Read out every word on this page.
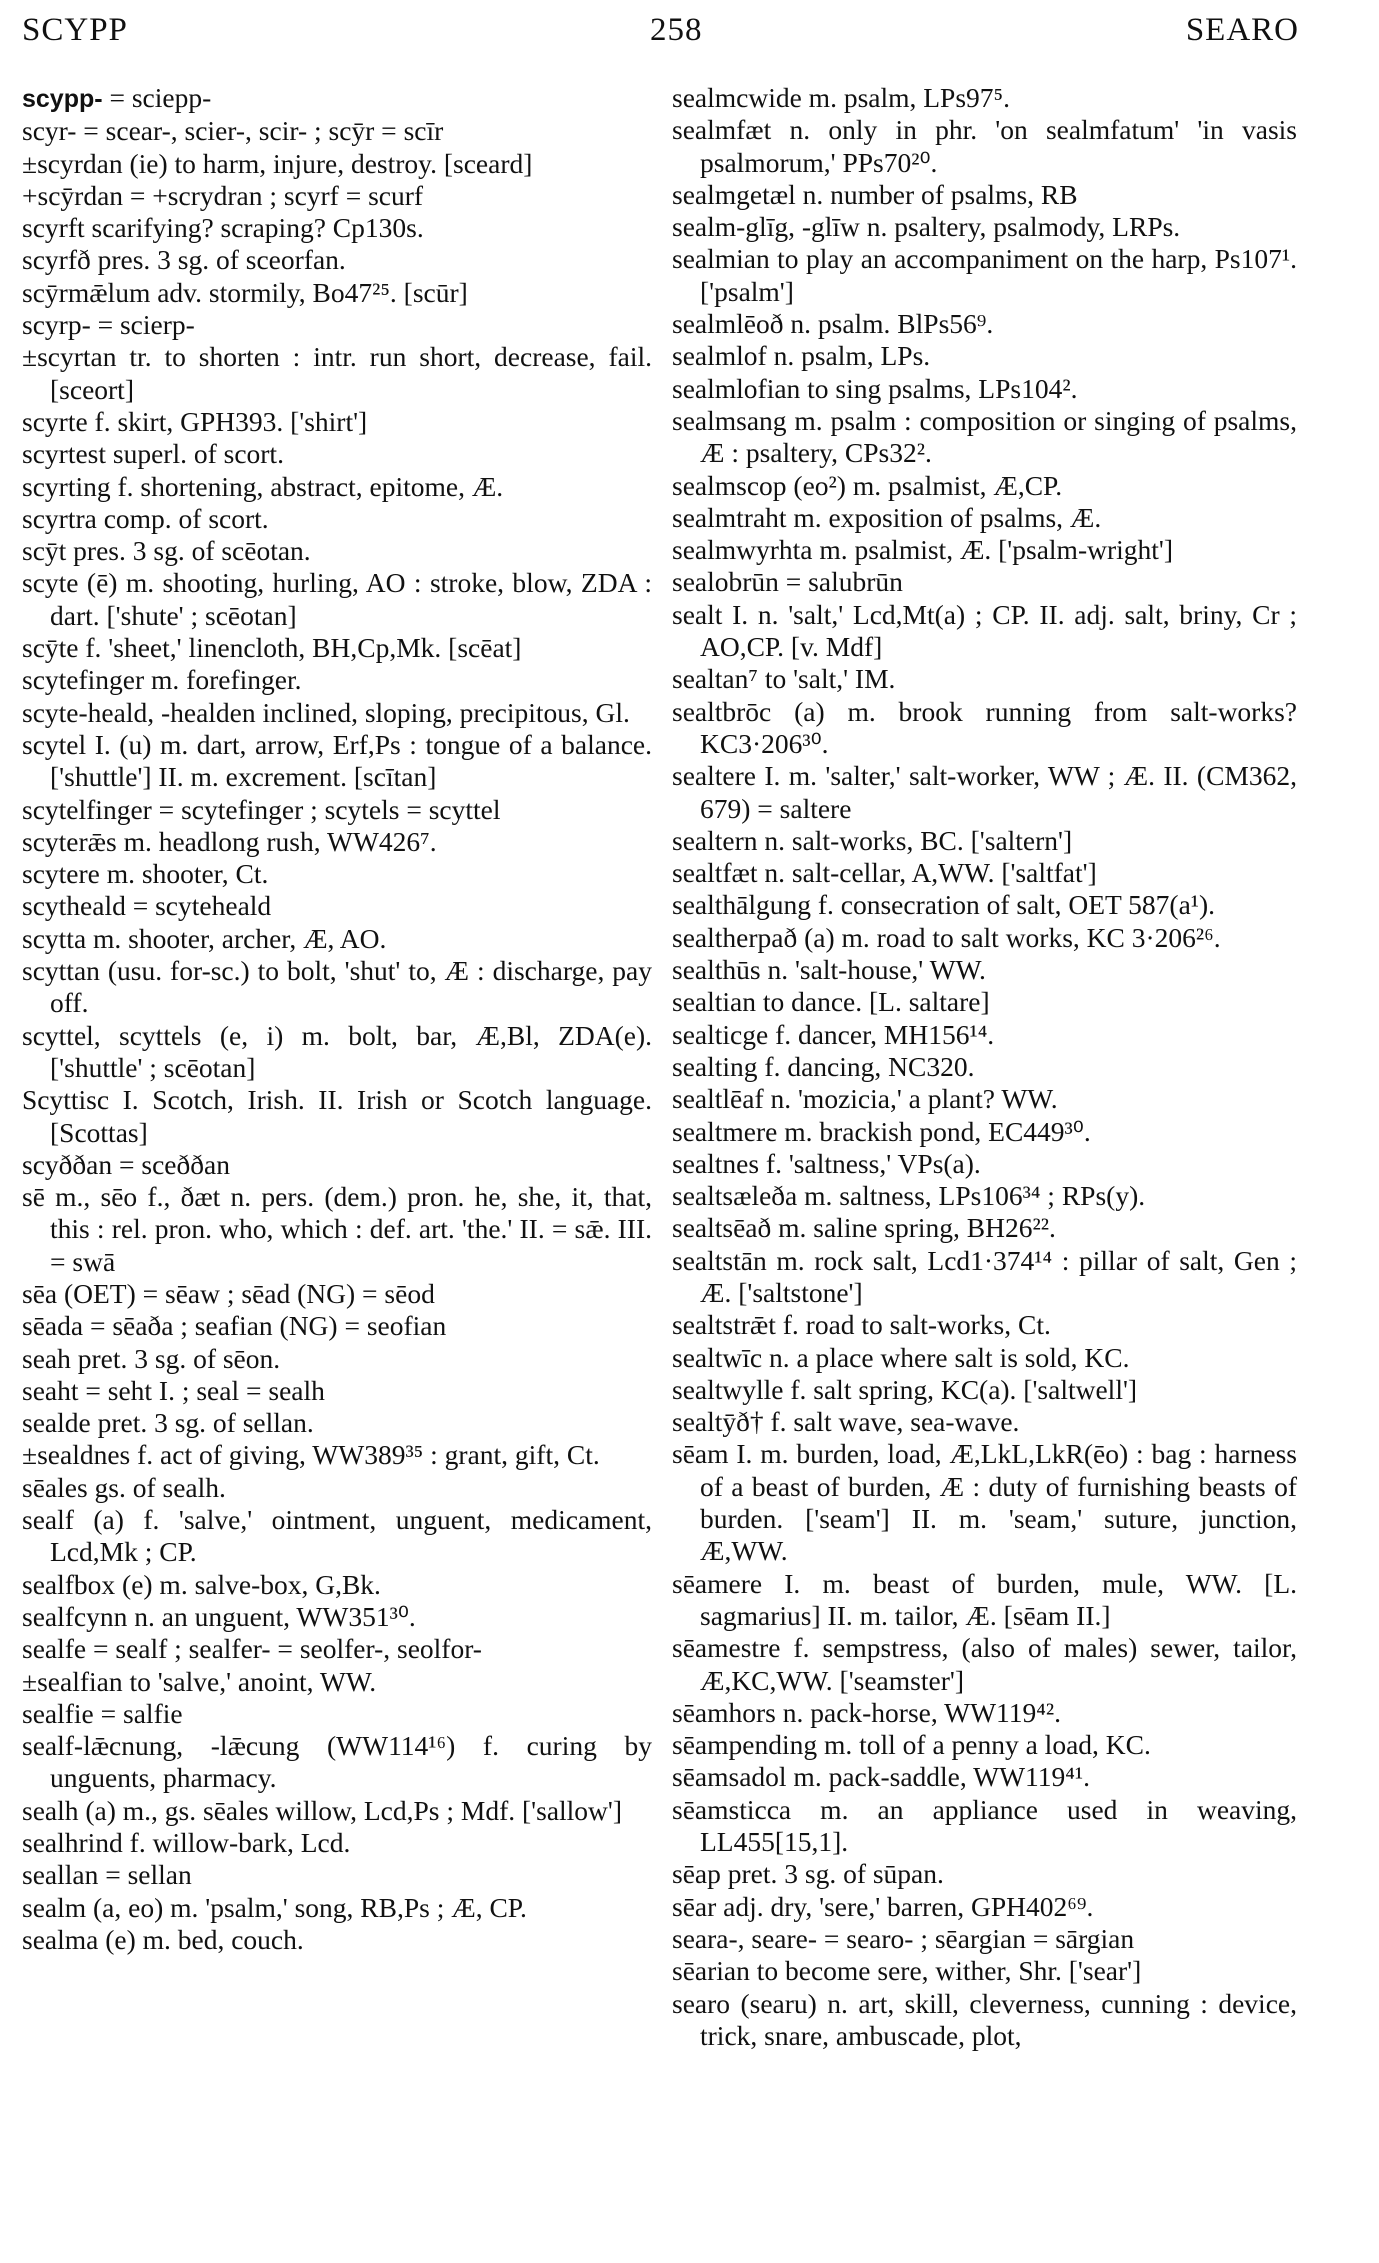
SCYPP	258	SEARO

scypp- = sciepp-

scyr- = scear-, scier-, scir- ; scȳr = scīr

±scyrdan (ie) to harm, injure, destroy. [sceard]

+scȳrdan = +scrydran ; scyrf = scurf

scyrft scarifying? scraping? Cp130s.

scyrfð pres. 3 sg. of sceorfan.

scȳrmǣlum adv. stormily, Bo47²⁵. [scūr]

scyrp- = scierp-

±scyrtan tr. to shorten : intr. run short, decrease, fail. [sceort]

scyrte f. skirt, GPH393. ['shirt']

scyrtest superl. of scort.

scyrting f. shortening, abstract, epitome, Æ.

scyrtra comp. of scort.

scȳt pres. 3 sg. of scēotan.

scyte (ē) m. shooting, hurling, AO : stroke, blow, ZDA : dart. ['shute' ; scēotan]

scȳte f. 'sheet,' linencloth, BH,Cp,Mk. [scēat]

scytefinger m. forefinger.

scyte-heald, -healden inclined, sloping, precipitous, Gl.

scytel I. (u) m. dart, arrow, Erf,Ps : tongue of a balance. ['shuttle'] II. m. excrement. [scītan]

scytelfinger = scytefinger ; scytels = scyttel

scyterǣs m. headlong rush, WW426⁷.

scytere m. shooter, Ct.

scytheald = scyteheald

scytta m. shooter, archer, Æ, AO.

scyttan (usu. for-sc.) to bolt, 'shut' to, Æ : discharge, pay off.

scyttel, scyttels (e, i) m. bolt, bar, Æ,Bl, ZDA(e). ['shuttle' ; scēotan]

Scyttisc I. Scotch, Irish. II. Irish or Scotch language. [Scottas]

scyððan = sceððan

sē m., sēo f., ðæt n. pers. (dem.) pron. he, she, it, that, this : rel. pron. who, which : def. art. 'the.' II. = sǣ. III. = swā

sēa (OET) = sēaw ; sēad (NG) = sēod

sēada = sēaða ; seafian (NG) = seofian

seah pret. 3 sg. of sēon.

seaht = seht I. ; seal = sealh

sealde pret. 3 sg. of sellan.

±sealdnes f. act of giving, WW389³⁵ : grant, gift, Ct.

sēales gs. of sealh.

sealf (a) f. 'salve,' ointment, unguent, medicament, Lcd,Mk ; CP.

sealfbox (e) m. salve-box, G,Bk.

sealfcynn n. an unguent, WW351³⁰.

sealfe = sealf ; sealfer- = seolfer-, seolfor-

±sealfian to 'salve,' anoint, WW.

sealfie = salfie

sealf-lǣcnung, -lǣcung (WW114¹⁶) f. curing by unguents, pharmacy.

sealh (a) m., gs. sēales willow, Lcd,Ps ; Mdf. ['sallow']

sealhrind f. willow-bark, Lcd.

seallan = sellan

sealm (a, eo) m. 'psalm,' song, RB,Ps ; Æ, CP.

sealma (e) m. bed, couch.

sealmcwide m. psalm, LPs97⁵.

sealmfæt n. only in phr. 'on sealmfatum' 'in vasis psalmorum,' PPs70²⁰.

sealmgetæl n. number of psalms, RB

sealm-glīg, -glīw n. psaltery, psalmody, LRPs.

sealmian to play an accompaniment on the harp, Ps107¹. ['psalm']

sealmlēoð n. psalm. BlPs56⁹.

sealmlof n. psalm, LPs.

sealmlofian to sing psalms, LPs104².

sealmsang m. psalm : composition or singing of psalms, Æ : psaltery, CPs32².

sealmscop (eo²) m. psalmist, Æ,CP.

sealmtraht m. exposition of psalms, Æ.

sealmwyrhta m. psalmist, Æ. ['psalm-wright']

sealobrūn = salubrūn

sealt I. n. 'salt,' Lcd,Mt(a) ; CP. II. adj. salt, briny, Cr ; AO,CP. [v. Mdf]

sealtan⁷ to 'salt,' IM.

sealtbrōc (a) m. brook running from salt-works? KC3·206³⁰.

sealtere I. m. 'salter,' salt-worker, WW ; Æ. II. (CM362, 679) = saltere

sealtern n. salt-works, BC. ['saltern']

sealtfæt n. salt-cellar, A,WW. ['saltfat']

sealthālgung f. consecration of salt, OET 587(a¹).

sealtherpað (a) m. road to salt works, KC 3·206²⁶.

sealthūs n. 'salt-house,' WW.

sealtian to dance. [L. saltare]

sealticge f. dancer, MH156¹⁴.

sealting f. dancing, NC320.

sealtlēaf n. 'mozicia,' a plant? WW.

sealtmere m. brackish pond, EC449³⁰.

sealtnes f. 'saltness,' VPs(a).

sealtsæleða m. saltness, LPs106³⁴ ; RPs(y).

sealtsēað m. saline spring, BH26²².

sealtstān m. rock salt, Lcd1·374¹⁴ : pillar of salt, Gen ; Æ. ['saltstone']

sealtstrǣt f. road to salt-works, Ct.

sealtwīc n. a place where salt is sold, KC.

sealtwylle f. salt spring, KC(a). ['saltwell']

sealtȳð† f. salt wave, sea-wave.

sēam I. m. burden, load, Æ,LkL,LkR(ēo) : bag : harness of a beast of burden, Æ : duty of furnishing beasts of burden. ['seam'] II. m. 'seam,' suture, junction, Æ,WW.

sēamere I. m. beast of burden, mule, WW. [L. sagmarius] II. m. tailor, Æ. [sēam II.]

sēamestre f. sempstress, (also of males) sewer, tailor, Æ,KC,WW. ['seamster']

sēamhors n. pack-horse, WW119⁴².

sēampending m. toll of a penny a load, KC.

sēamsadol m. pack-saddle, WW119⁴¹.

sēamsticca m. an appliance used in weaving, LL455[15,1].

sēap pret. 3 sg. of sūpan.

sēar adj. dry, 'sere,' barren, GPH402⁶⁹.

seara-, seare- = searo- ; sēargian = sārgian

sēarian to become sere, wither, Shr. ['sear']

searo (searu) n. art, skill, cleverness, cunning : device, trick, snare, ambuscade, plot,
